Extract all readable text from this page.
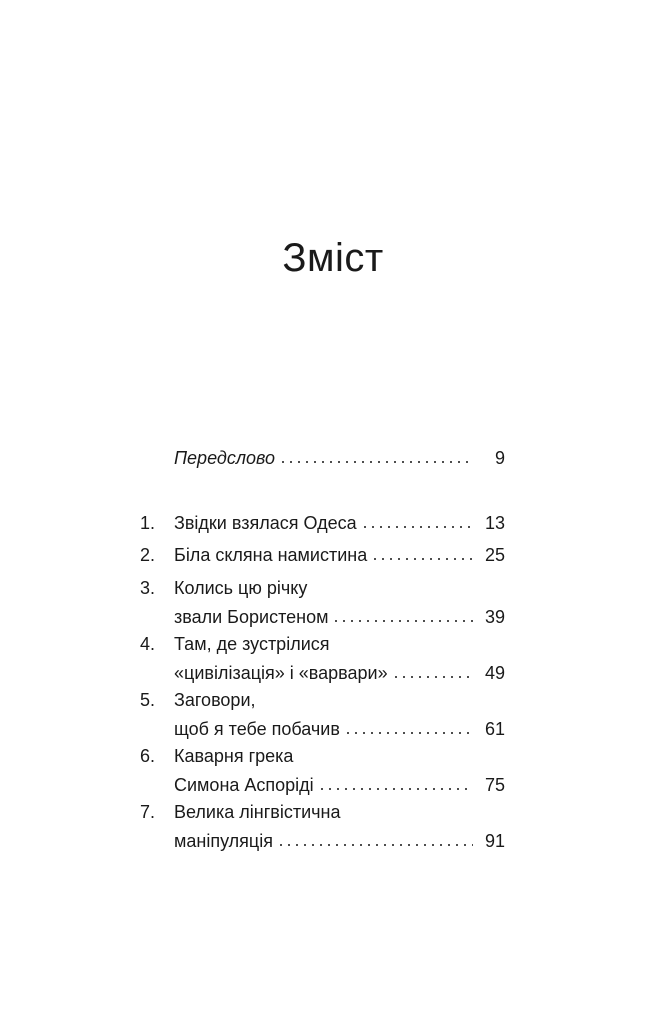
Зміст
Передслово	9
1.	Звідки взялася Одеса	13
2.	Біла скляна намистина	25
3.	Колись цю річку
звали Бористеном	39
4.	Там, де зустрілися
«цивілізація» і «варвари»	49
5.	Заговори,
щоб я тебе побачив	61
6.	Каварня грека
Симона Аспоріді	75
7.	Велика лінгвістична
маніпуляція	91
